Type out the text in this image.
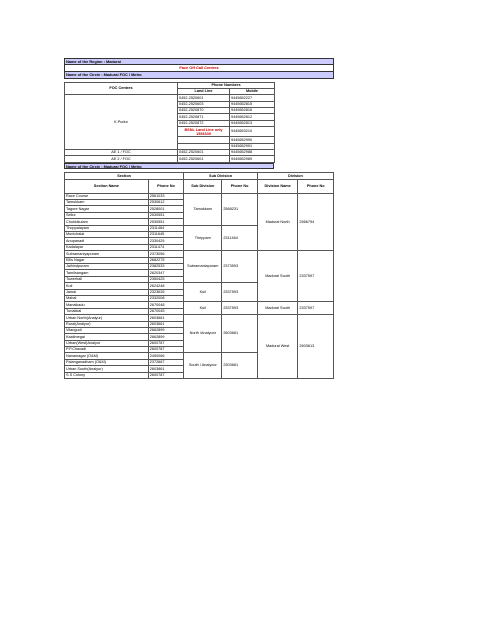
Name of the Region : Madurai
Face Off Call Centres
Name of the Circle : Madurai FOC / Metro
FOC Centres	Phone Numbers	
	Land Line	Mobile
K.Pudur	0452-2520601	9445652227
	0452-2520603	9445652815
	0452-2520870	9445652816
	0452-2520871	9445652812
	0452-2520872	9445652813
	BSNL Land Line only 1553339	9445653210
		9445652990
		9445652991
AE 1 / FOC	0452-2520601	9445652988
AE 2 / FOC	0452-2520601	9445652989
Name of the Circle : Madurai FOC / Metro
Section		Sub Division		Division	
Section Name	Phone No	Sub Division	Phone No	Division Name	Phone No
Race Course	2561033	Tamukkam	2568231	Madurai North	2566794
Tamukkam	2530612				
Tagore Nagar	2528001				
Sellur	2530551				
Chokkikulam	2530551				
Thoppalayam	2311464	Theppam	2311464		
Munichalai	2311645				
Anupanadi	2330425				
Kadalayar	2311474				
Subramaniyapuram	2373056	Subramaniapuram	2373593	Madurai South	2337597
Ellis Nagar	2682275				
Jaihindpuram	2382533				
Tamilsangam	2620347				
Towerhall	2350425				
Kuil	2624248	Kuil	2337593		
Jamai	2323626				
Mahal	2332008				
Manaikadu	2670048	Kuil	2337593	Madurai South	2337597
Tunakkal	2670045				
Urban North(Anaiyur)	2603661	North /Anaiyoor	2603661	Madurai West	2603613
Rural(Anaiyur)	2603661				
Vilangudi	2662899				
Kaalimegai	2662899				
Urban(West)Anaiyur	2600787				
P.P.Chavadi	2600787				
Nanamagar (O&M)	2450066	South / Anaiyoor	2303661		
Palanganadham (O&M)	2372667				
Urban South(Anaiyur)	2603661				
S.S Colony	2600787				
